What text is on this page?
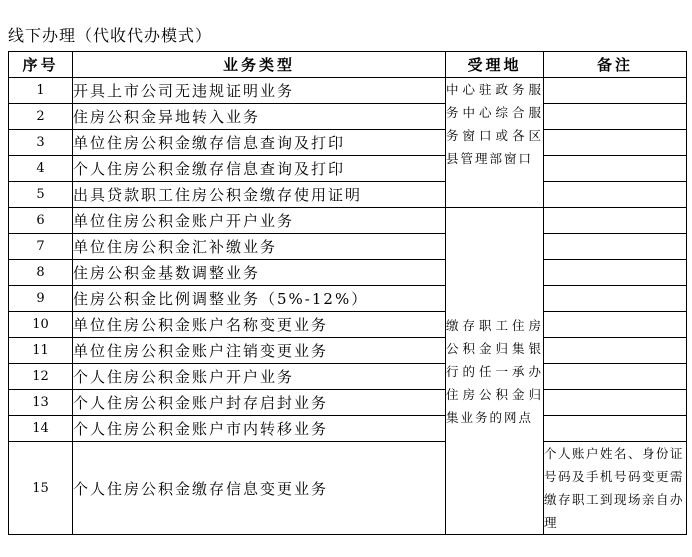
线下办理（代收代办模式）
序号	业务类型	受理地	备注
1	开具上市公司无违规证明业务	中心驻政务服务中心综合服务窗口或各区县管理部窗口	
2	住房公积金异地转入业务		
3	单位住房公积金缴存信息查询及打印		
4	个人住房公积金缴存信息查询及打印		
5	出具贷款职工住房公积金缴存使用证明		
6	单位住房公积金账户开户业务	缴存职工住房公积金归集银行的任一承办住房公积金归集业务的网点	
7	单位住房公积金汇补缴业务		
8	住房公积金基数调整业务		
9	住房公积金比例调整业务（5%-12%）		
10	单位住房公积金账户名称变更业务		
11	单位住房公积金账户注销变更业务		
12	个人住房公积金账户开户业务		
13	个人住房公积金账户封存启封业务		
14	个人住房公积金账户市内转移业务		
15	个人住房公积金缴存信息变更业务		个人账户姓名、身份证号码及手机号码变更需缴存职工到现场亲自办理
